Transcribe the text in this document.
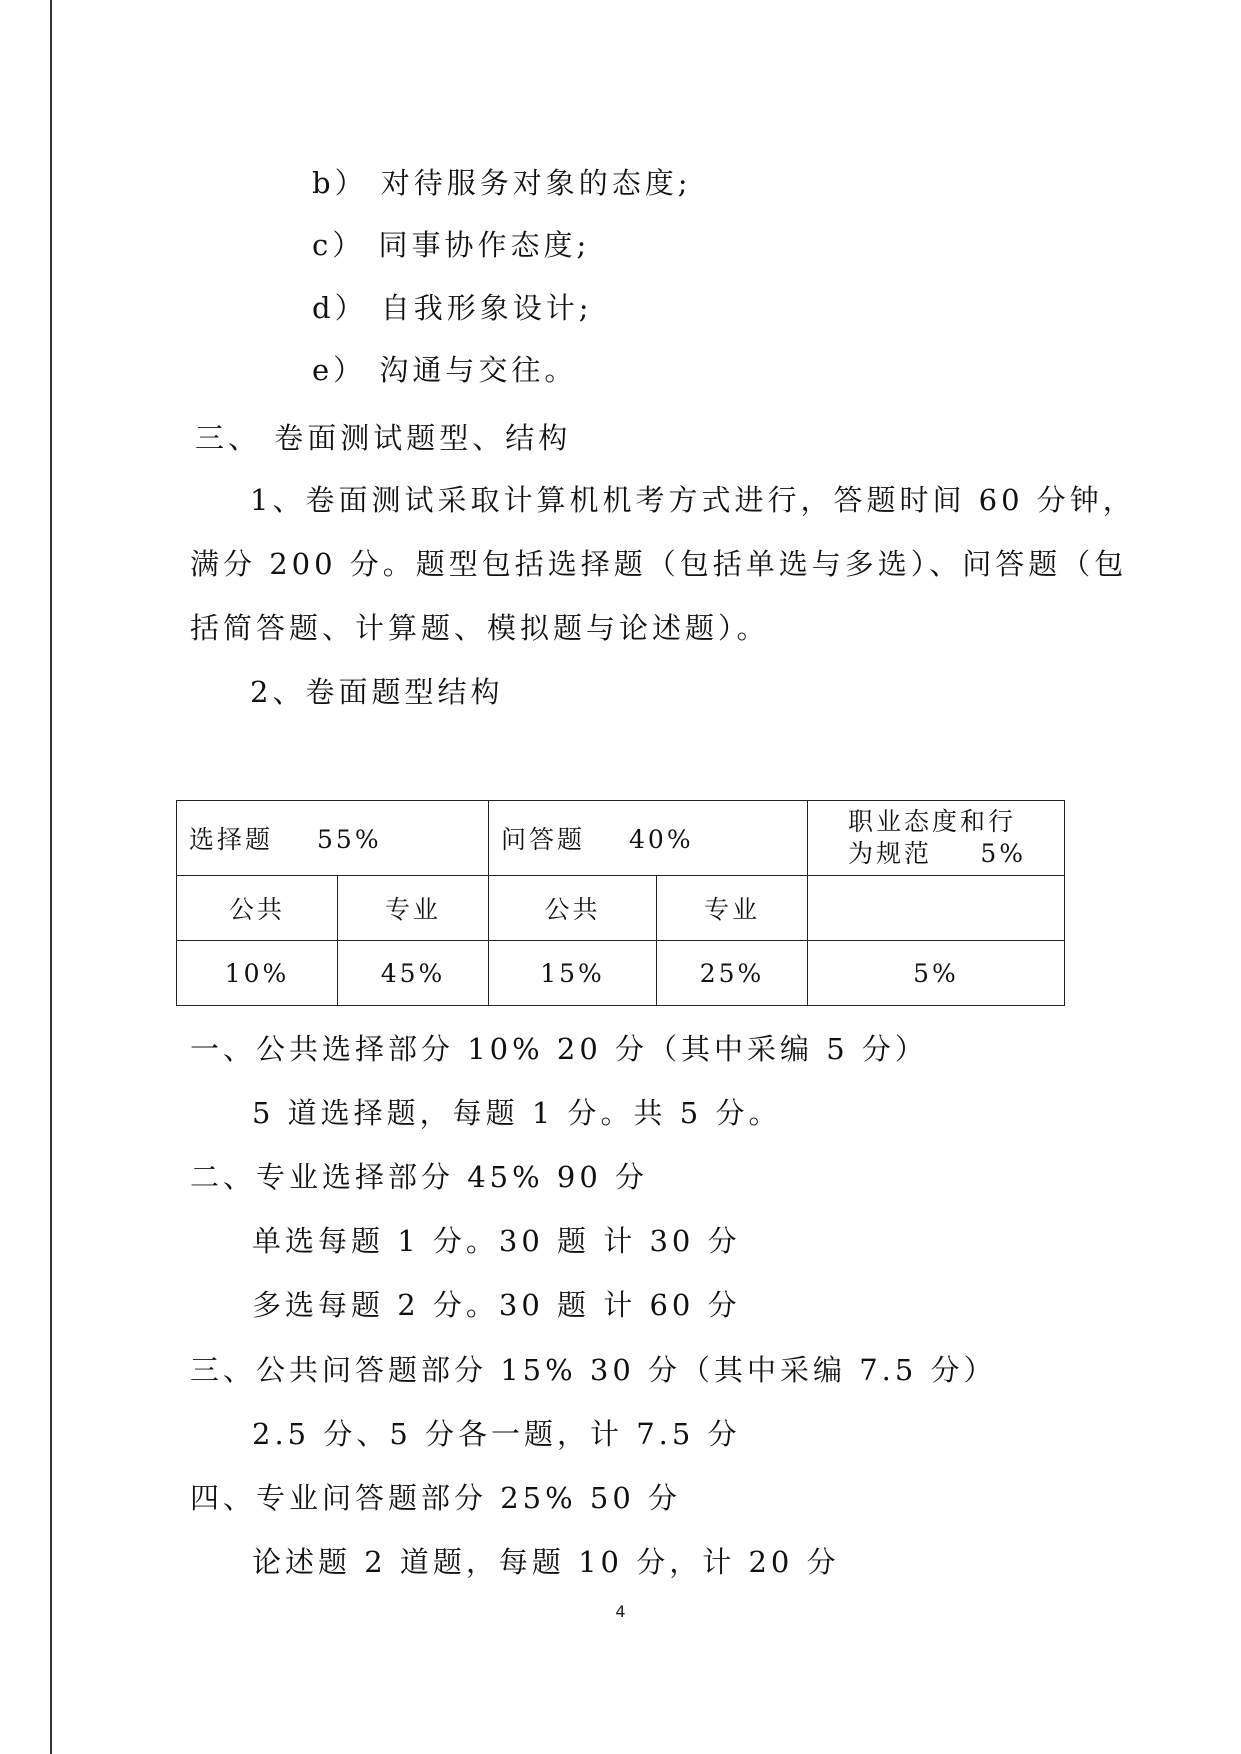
b） 对待服务对象的态度;
c） 同事协作态度;
d） 自我形象设计;
e） 沟通与交往。
三、 卷面测试题型、结构
1、卷面测试采取计算机机考方式进行，答题时间 60 分钟，
满分 200 分。题型包括选择题（包括单选与多选）、问答题（包
括简答题、计算题、模拟题与论述题）。
2、卷面题型结构
选择题 55%		问答题 40%		职业态度和行
为规范 5%

公共	专业	公共	专业	
10%	45%	15%	25%	5%
一、公共选择部分 10% 20 分（其中采编 5 分）
5 道选择题，每题 1 分。共 5 分。
二、专业选择部分 45% 90 分
单选每题 1 分。30 题 计 30 分
多选每题 2 分。30 题 计 60 分
三、公共问答题部分 15% 30 分（其中采编 7.5 分）
2.5 分、5 分各一题，计 7.5 分
四、专业问答题部分 25% 50 分
论述题 2 道题，每题 10 分，计 20 分
4
